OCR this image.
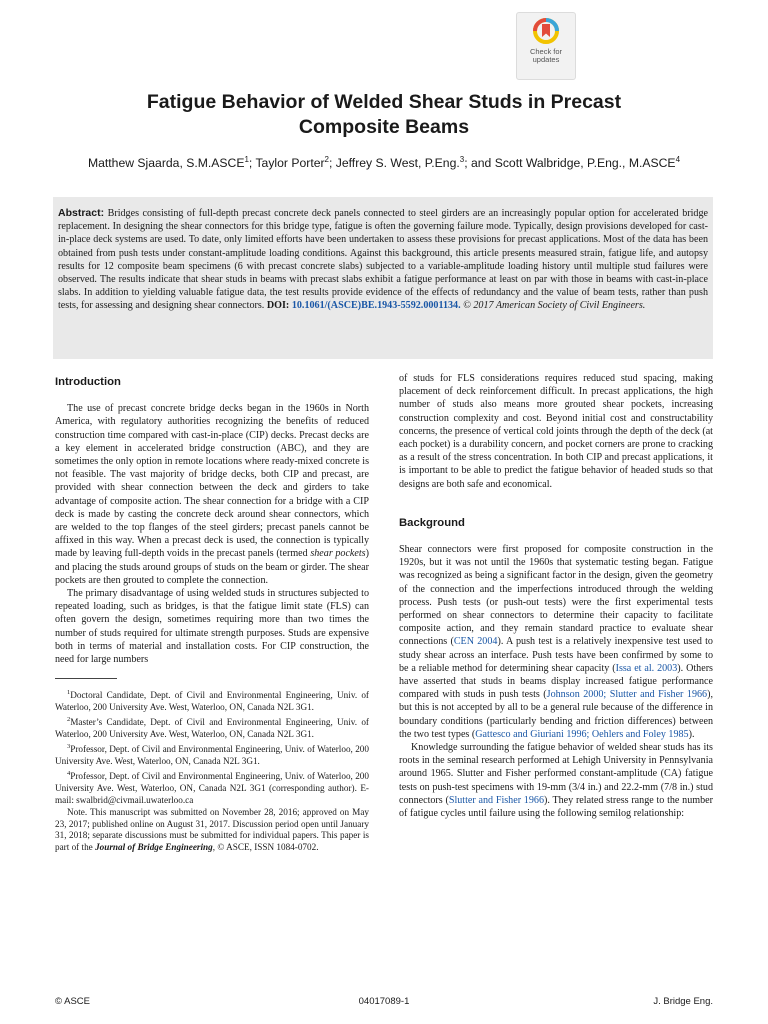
Check for
updates
Fatigue Behavior of Welded Shear Studs in Precast
Composite Beams

Matthew Sjaarda, S.M.ASCE$^1$; Taylor Porter$^2$; Jeffrey S. West, P.Eng.$^3$; and Scott Walbridge, P.Eng., M.ASCE$^4$

Abstract: Bridges consisting of full-depth precast concrete deck panels connected to steel girders are an increasingly popular option for accelerated bridge replacement. In designing the shear connectors for this bridge type, fatigue is often the governing failure mode. Typically, design provisions developed for cast-in-place deck systems are used. To date, only limited efforts have been undertaken to assess these provisions for precast applications. Most of the data has been obtained from push tests under constant-amplitude loading conditions. Against this background, this article presents measured strain, fatigue life, and autopsy results for 12 composite beam specimens (6 with precast concrete slabs) subjected to a variable-amplitude loading history until multiple stud failures were observed. The results indicate that shear studs in beams with precast slabs exhibit a fatigue performance at least on par with those in beams with cast-in-place slabs. In addition to yielding valuable fatigue data, the test results provide evidence of the effects of redundancy and the value of beam tests, rather than push tests, for assessing and designing shear connectors. DOI: 10.1061/(ASCE)BE.1943-5592.0001134. © 2017 American Society of Civil Engineers.

Introduction

The use of precast concrete bridge decks began in the 1960s in North America, with regulatory authorities recognizing the benefits of reduced construction time compared with cast-in-place (CIP) decks. Precast decks are a key element in accelerated bridge construction (ABC), and they are sometimes the only option in remote locations where ready-mixed concrete is not feasible. The vast majority of bridge decks, both CIP and precast, are provided with shear connection between the deck and girders to take advantage of composite action. The shear connection for a bridge with a CIP deck is made by casting the concrete deck around shear connectors, which are welded to the top flanges of the steel girders; precast panels cannot be affixed in this way. When a precast deck is used, the connection is typically made by leaving full-depth voids in the precast panels (termed shear pockets) and placing the studs around groups of studs on the beam or girder. The shear pockets are then grouted to complete the connection.

The primary disadvantage of using welded studs in structures subjected to repeated loading, such as bridges, is that the fatigue limit state (FLS) can often govern the design, sometimes requiring more than two times the number of studs required for ultimate strength purposes. Studs are expensive both in terms of material and installation costs. For CIP construction, the need for large numbers

$^1$Doctoral Candidate, Dept. of Civil and Environmental Engineering, Univ. of Waterloo, 200 University Ave. West, Waterloo, ON, Canada N2L 3G1.

$^2$Master’s Candidate, Dept. of Civil and Environmental Engineering, Univ. of Waterloo, 200 University Ave. West, Waterloo, ON, Canada N2L 3G1.

$^3$Professor, Dept. of Civil and Environmental Engineering, Univ. of Waterloo, 200 University Ave. West, Waterloo, ON, Canada N2L 3G1.

$^4$Professor, Dept. of Civil and Environmental Engineering, Univ. of Waterloo, 200 University Ave. West, Waterloo, ON, Canada N2L 3G1 (corresponding author). E-mail: swalbrid@civmail.uwaterloo.ca

Note. This manuscript was submitted on November 28, 2016; approved on May 23, 2017; published online on August 31, 2017. Discussion period open until January 31, 2018; separate discussions must be submitted for individual papers. This paper is part of the Journal of Bridge Engineering, © ASCE, ISSN 1084-0702.

of studs for FLS considerations requires reduced stud spacing, making placement of deck reinforcement difficult. In precast applications, the high number of studs also means more grouted shear pockets, increasing construction complexity and cost. Beyond initial cost and constructability concerns, the presence of vertical cold joints through the depth of the deck (at each pocket) is a durability concern, and pocket corners are prone to cracking as a result of the stress concentration. In both CIP and precast applications, it is important to be able to predict the fatigue behavior of headed studs so that designs are both safe and economical.

Background

Shear connectors were first proposed for composite construction in the 1920s, but it was not until the 1960s that systematic testing began. Fatigue was recognized as being a significant factor in the design, given the geometry of the connection and the imperfections introduced through the welding process. Push tests (or push-out tests) were the first experimental tests performed on shear connectors to determine their capacity to facilitate composite action, and they remain standard practice to evaluate shear connections (CEN 2004). A push test is a relatively inexpensive test used to study shear across an interface. Push tests have been confirmed by some to be a reliable method for determining shear capacity (Issa et al. 2003). Others have asserted that studs in beams display increased fatigue performance compared with studs in push tests (Johnson 2000; Slutter and Fisher 1966), but this is not accepted by all to be a general rule because of the difference in boundary conditions (particularly bending and friction differences) between the two test types (Gattesco and Giuriani 1996; Oehlers and Foley 1985).

Knowledge surrounding the fatigue behavior of welded shear studs has its roots in the seminal research performed at Lehigh University in Pennsylvania around 1965. Slutter and Fisher performed constant-amplitude (CA) fatigue tests on push-test specimens with 19-mm (3/4 in.) and 22.2-mm (7/8 in.) stud connectors (Slutter and Fisher 1966). They related stress range to the number of fatigue cycles until failure using the following semilog relationship:

© ASCE	04017089-1	J. Bridge Eng.
